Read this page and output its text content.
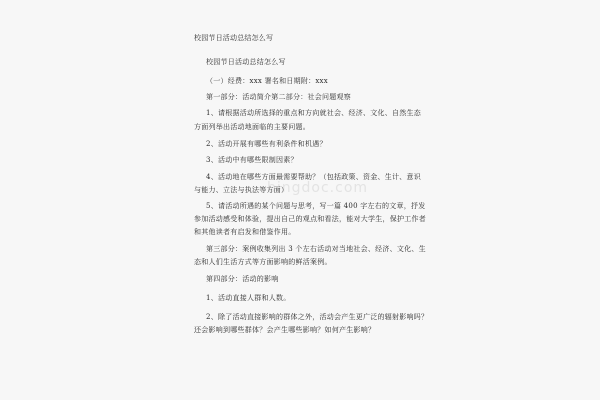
校园节日活动总结怎么写
校园节日活动总结怎么写
（一）经费：xxx 署名和日期附：xxx
第一部分：活动简介第二部分：社会问题观察
1、请根据活动所选择的重点和方向就社会、经济、文化、自然生态
方面列举出活动地面临的主要问题。
2、活动开展有哪些有利条件和机遇？
3、活动中有哪些限制因素？
4、活动地在哪些方面最需要帮助？（包括政策、资金、生计、意识
与能力、立法与执法等方面）
5、请活动所遇的某个问题与思考，写一篇 400 字左右的文章，抒发
参加活动感受和体验，提出自己的观点和看法，能对大学生，保护工作者
和其他读者有启发和借鉴作用。
第三部分：案例收集列出 3 个左右活动对当地社会、经济、文化、生
态和人们生活方式等方面影响的鲜活案例。
第四部分：活动的影响
1、活动直接人群和人数。
2、除了活动直接影响的群体之外，活动会产生更广泛的辐射影响吗？
还会影响到哪些群体？会产生哪些影响？如何产生影响？
bingdoc.com
